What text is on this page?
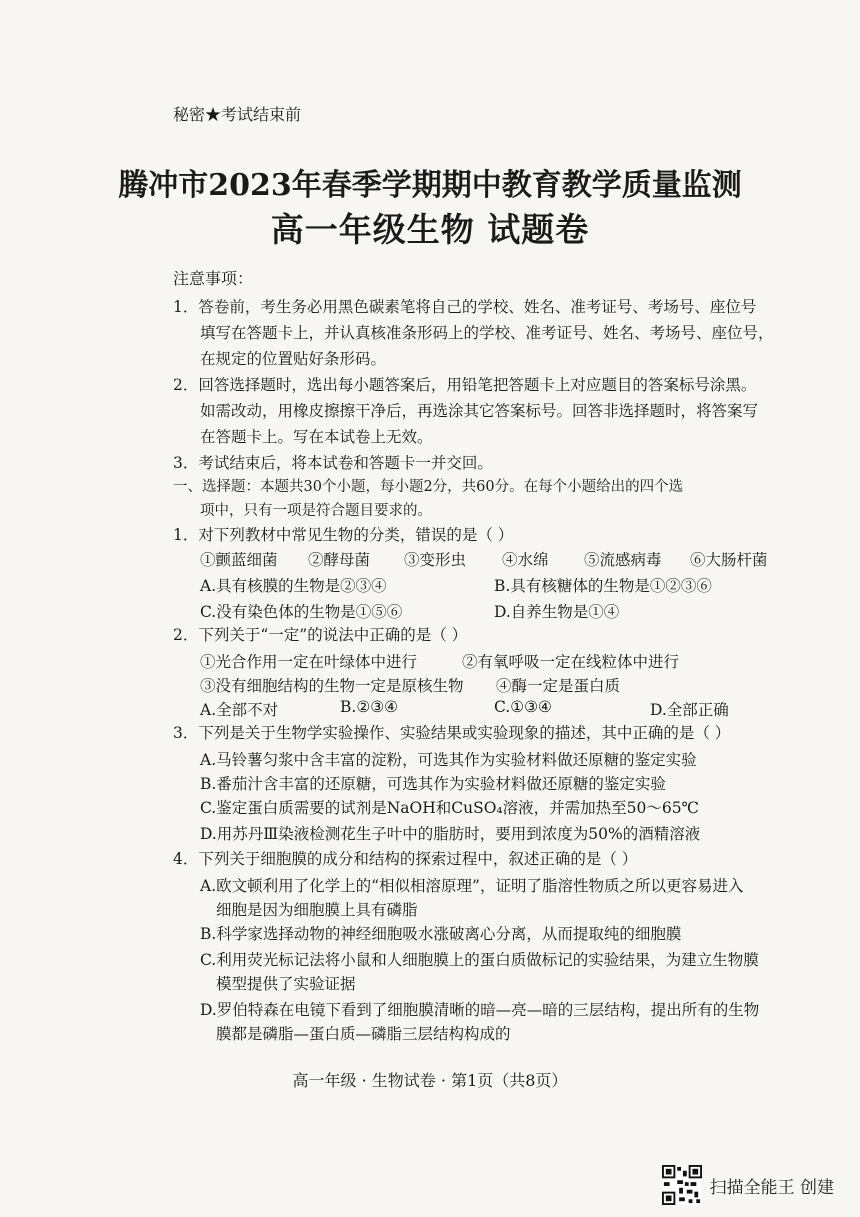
秘密★考试结束前
腾冲市2023年春季学期期中教育教学质量监测
高一年级生物 试题卷
注意事项：
1．答卷前，考生务必用黑色碳素笔将自己的学校、姓名、准考证号、考场号、座位号
填写在答题卡上，并认真核准条形码上的学校、准考证号、姓名、考场号、座位号，
在规定的位置贴好条形码。
2．回答选择题时，选出每小题答案后，用铅笔把答题卡上对应题目的答案标号涂黑。
如需改动，用橡皮擦擦干净后，再选涂其它答案标号。回答非选择题时，将答案写
在答题卡上。写在本试卷上无效。
3．考试结束后，将本试卷和答题卡一并交回。
一、选择题：本题共30个小题，每小题2分，共60分。在每个小题给出的四个选
项中，只有一项是符合题目要求的。
1．对下列教材中常见生物的分类，错误的是（ ）
①颤蓝细菌 ②酵母菌 ③变形虫 ④水绵 ⑤流感病毒 ⑥大肠杆菌
A.具有核膜的生物是②③④	B.具有核糖体的生物是①②③⑥
C.没有染色体的生物是①⑤⑥	D.自养生物是①④
2．下列关于“一定”的说法中正确的是（ ）
①光合作用一定在叶绿体中进行	②有氧呼吸一定在线粒体中进行
③没有细胞结构的生物一定是原核生物 ④酶一定是蛋白质
A.全部不对	B.②③④	C.①③④	D.全部正确
3．下列是关于生物学实验操作、实验结果或实验现象的描述，其中正确的是（ ）
A.马铃薯匀浆中含丰富的淀粉，可选其作为实验材料做还原糖的鉴定实验
B.番茄汁含丰富的还原糖，可选其作为实验材料做还原糖的鉴定实验
C.鉴定蛋白质需要的试剂是NaOH和CuSO₄溶液，并需加热至50～65℃
D.用苏丹Ⅲ染液检测花生子叶中的脂肪时，要用到浓度为50%的酒精溶液
4．下列关于细胞膜的成分和结构的探索过程中，叙述正确的是（ ）
A.欧文顿利用了化学上的“相似相溶原理”，证明了脂溶性物质之所以更容易进入
细胞是因为细胞膜上具有磷脂
B.科学家选择动物的神经细胞吸水涨破离心分离，从而提取纯的细胞膜
C.利用荧光标记法将小鼠和人细胞膜上的蛋白质做标记的实验结果，为建立生物膜
模型提供了实验证据
D.罗伯特森在电镜下看到了细胞膜清晰的暗—亮—暗的三层结构，提出所有的生物
膜都是磷脂—蛋白质—磷脂三层结构构成的
高一年级 · 生物试卷 · 第1页（共8页）
扫描全能王 创建
